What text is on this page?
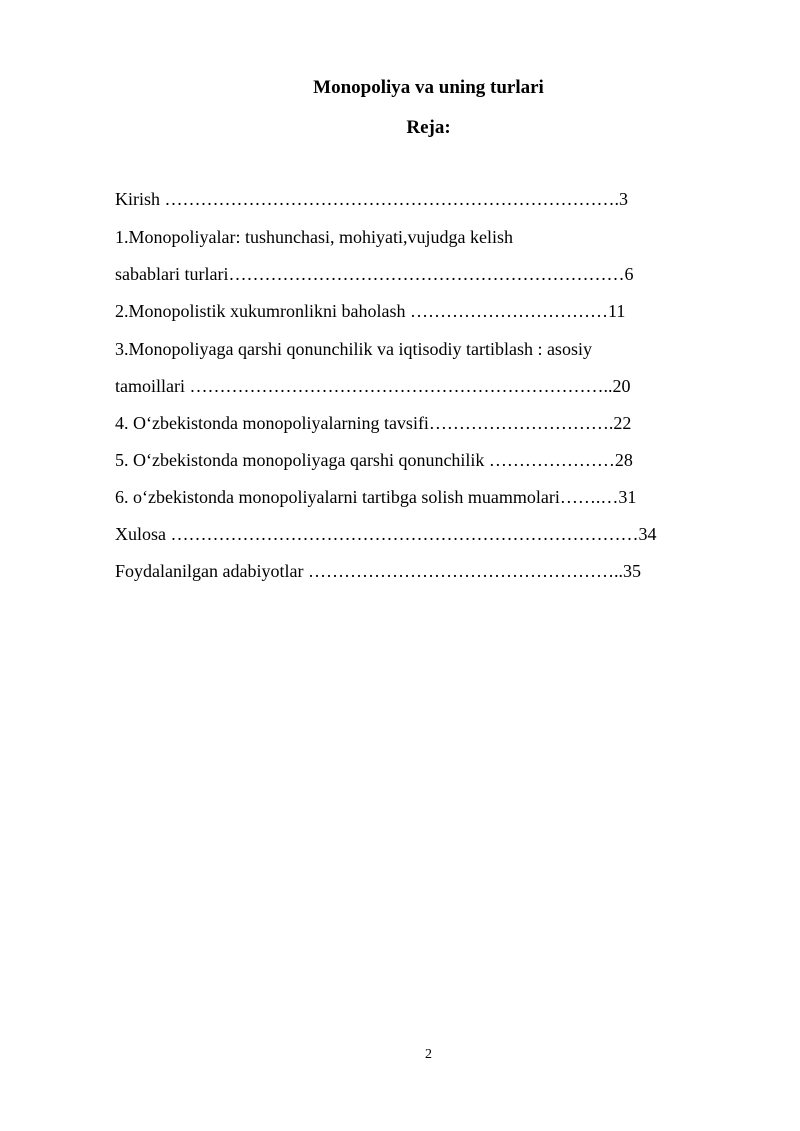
Monopoliya va uning turlari
Reja:
Kirish ………………………………………………………………….3
1.Monopoliyalar: tushunchasi, mohiyati,vujudga kelish
sabablari turlari…………………………………………………………6
2.Monopolistik xukumronlikni baholash ……………………………11
3.Monopoliyaga qarshi qonunchilik va iqtisodiy tartiblash : asosiy
tamoillari ……………………………………………………………..20
4. O‘zbekistonda monopoliyalarning tavsifi………………………….22
5. O‘zbekistonda monopoliyaga qarshi qonunchilik …………………28
6. o‘zbekistonda monopoliyalarni tartibga solish muammolari…….…31
Xulosa ……………………………………………………………………34
Foydalanilgan adabiyotlar ……………………………………………..35
2
